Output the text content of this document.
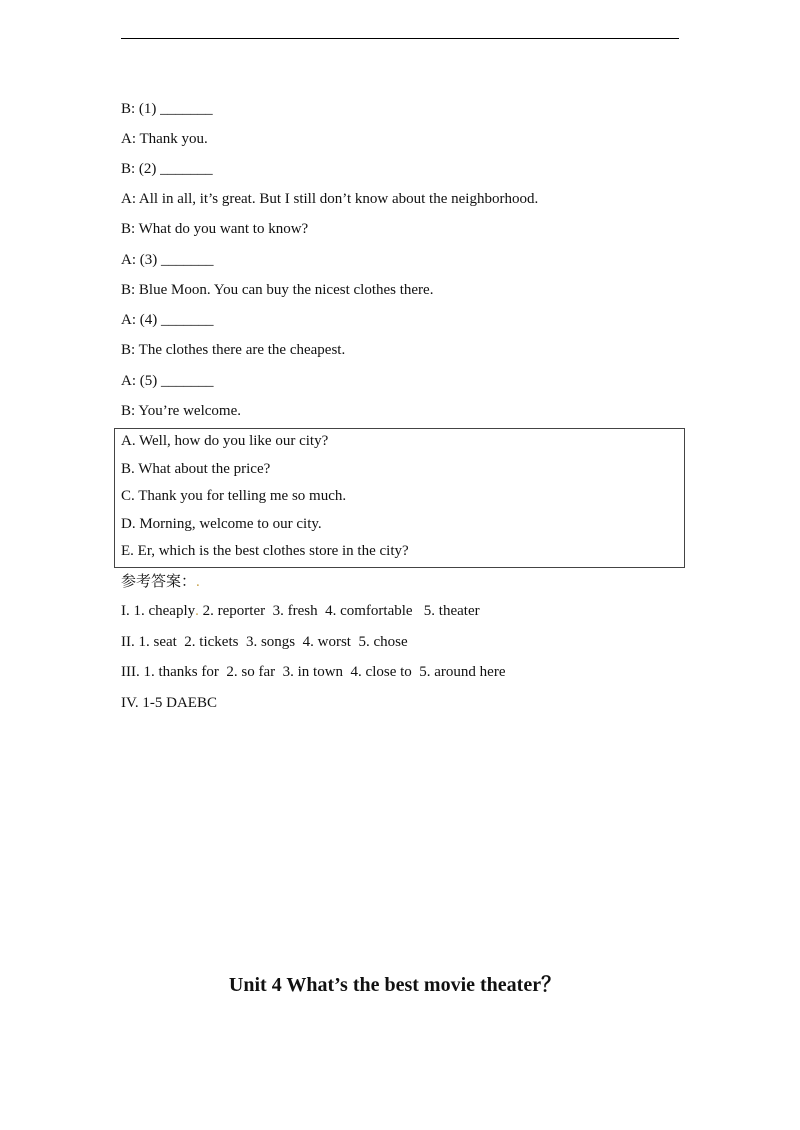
B: (1) _______
A: Thank you.
B: (2) _______
A: All in all, it’s great. But I still don’t know about the neighborhood.
B: What do you want to know?
A: (3) _______
B: Blue Moon. You can buy the nicest clothes there.
A: (4) _______
B: The clothes there are the cheapest.
A: (5) _______
B: You’re welcome.
A. Well, how do you like our city?
B. What about the price?
C. Thank you for telling me so much.
D. Morning, welcome to our city.
E. Er, which is the best clothes store in the city?
参考答案：.
I. 1. cheaply. 2. reporter  3. fresh  4. comfortable   5. theater
II. 1. seat  2. tickets  3. songs  4. worst  5. chose
III. 1. thanks for  2. so far  3. in town  4. close to  5. around here
IV. 1-5 DAEBC
Unit 4 What’s the best movie theater？
